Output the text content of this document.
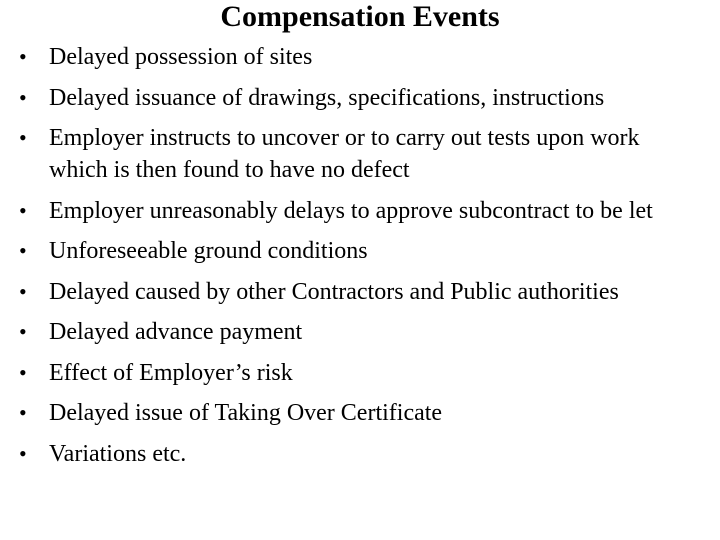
Compensation Events
• Delayed possession of sites
• Delayed issuance of drawings, specifications, instructions
• Employer instructs to uncover or to carry out tests upon work which is then found to have no defect
• Employer unreasonably delays to approve subcontract to be let
• Unforeseeable ground conditions
• Delayed caused by other Contractors and Public authorities
• Delayed advance payment
• Effect of Employer’s risk
• Delayed issue of Taking Over Certificate
• Variations etc.
